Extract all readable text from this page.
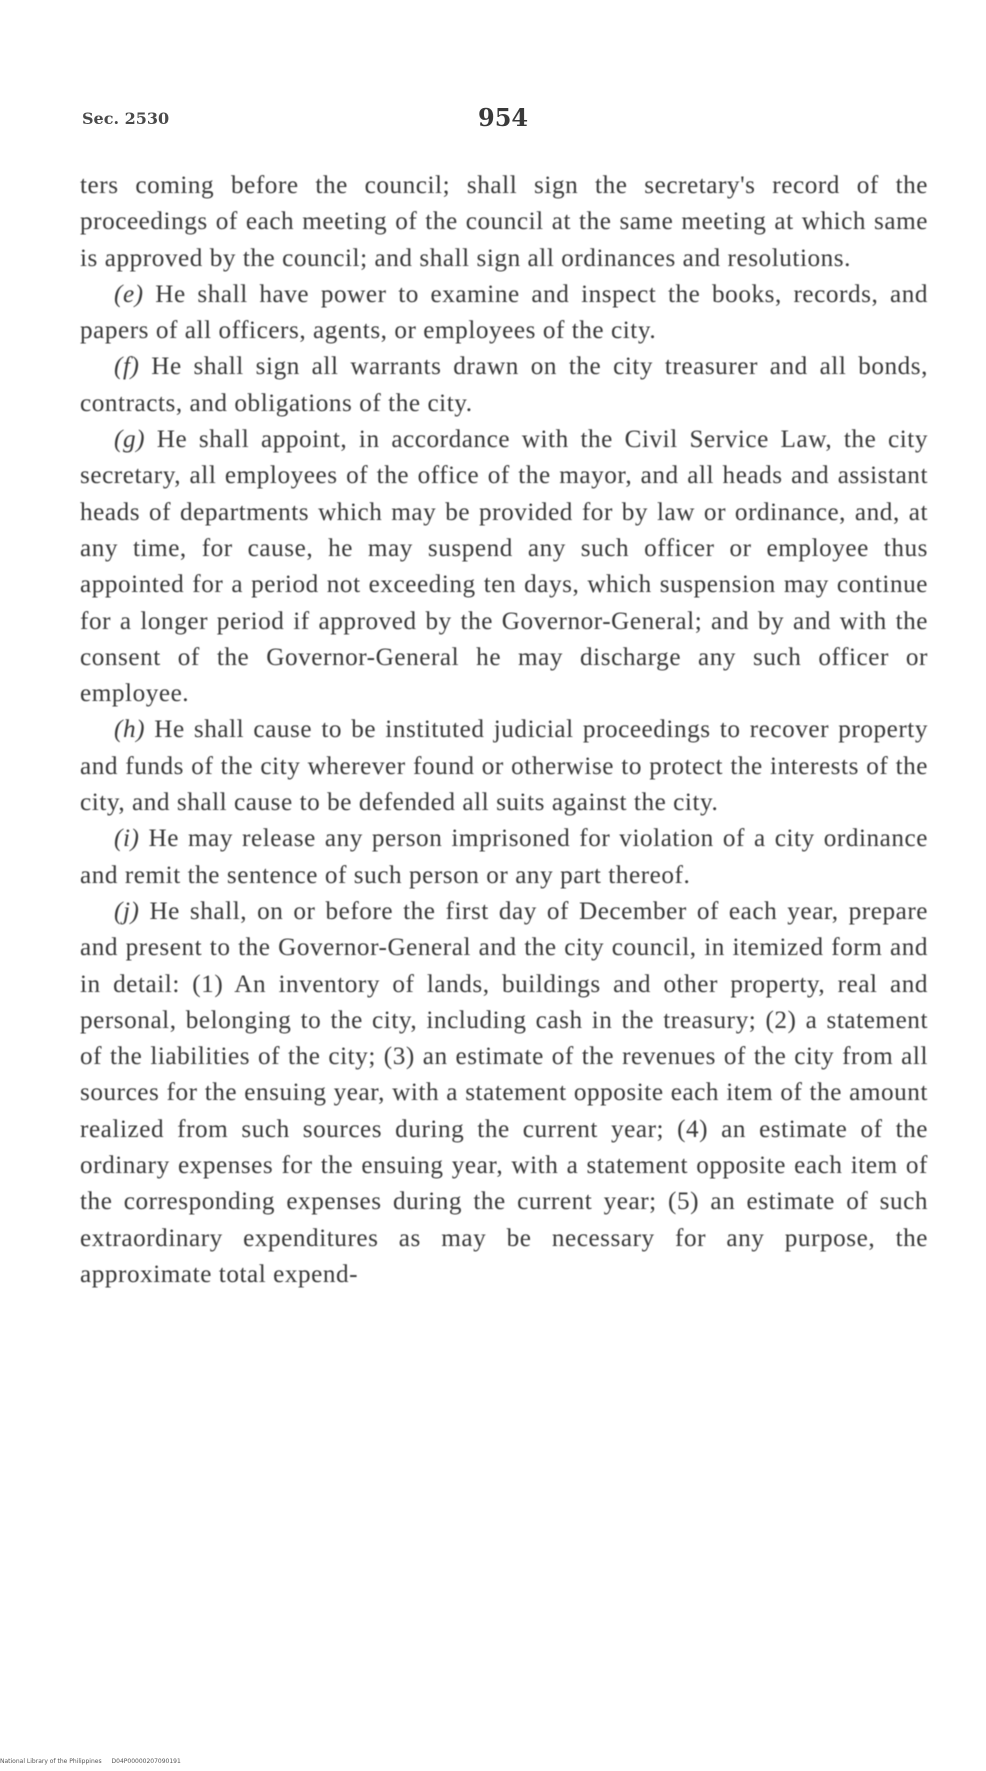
Sec. 2530	954

ters coming before the council; shall sign the secretary's record of the proceedings of each meeting of the council at the same meeting at which same is approved by the council; and shall sign all ordinances and resolutions.

(e) He shall have power to examine and inspect the books, records, and papers of all officers, agents, or employees of the city.

(f) He shall sign all warrants drawn on the city treasurer and all bonds, contracts, and obligations of the city.

(g) He shall appoint, in accordance with the Civil Service Law, the city secretary, all employees of the office of the mayor, and all heads and assistant heads of departments which may be provided for by law or ordinance, and, at any time, for cause, he may suspend any such officer or employee thus appointed for a period not exceeding ten days, which suspension may continue for a longer period if approved by the Governor-General; and by and with the consent of the Governor-General he may discharge any such officer or employee.

(h) He shall cause to be instituted judicial proceedings to recover property and funds of the city wherever found or otherwise to protect the interests of the city, and shall cause to be defended all suits against the city.

(i) He may release any person imprisoned for violation of a city ordinance and remit the sentence of such person or any part thereof.

(j) He shall, on or before the first day of December of each year, prepare and present to the Governor-General and the city council, in itemized form and in detail: (1) An inventory of lands, buildings and other property, real and personal, belonging to the city, including cash in the treasury; (2) a statement of the liabilities of the city; (3) an estimate of the revenues of the city from all sources for the ensuing year, with a statement opposite each item of the amount realized from such sources during the current year; (4) an estimate of the ordinary expenses for the ensuing year, with a statement opposite each item of the corresponding expenses during the current year; (5) an estimate of such extraordinary expenditures as may be necessary for any purpose, the approximate total expend-

National Library of the Philippines D04P00000207090191
